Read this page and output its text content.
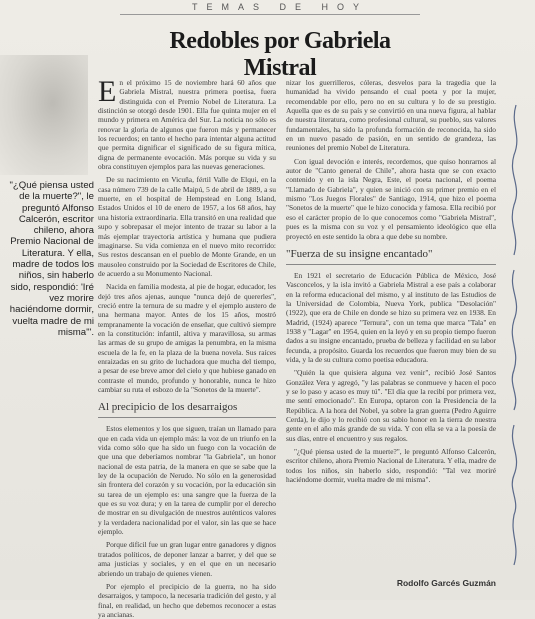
TEMAS DE HOY
Redobles por Gabriela Mistral
"¿Qué piensa usted de la muerte?", le preguntó Alfonso Calcerón, escritor chileno, ahora Premio Nacional de Literatura. Y ella, madre de todos los niños, sin haberlo sido, respondió: 'Iré vez morire haciéndome dormir, vuelta madre de mi misma'".

En el próximo 15 de noviembre hará 60 años que Gabriela Mistral, nuestra primera poetisa, fuera distinguida con el Premio Nobel de Literatura. La distinción se otorgó desde 1901. Ella fue quinta mujer en el mundo y primera en América del Sur. La noticia no sólo es renovar la gloria de algunos que fueron más y permanecer los recuerdos; en tanto el hecho para intentar alguna actitud que permita dignificar el significado de su figura mítica, digna de permanente evocación. Más porque su vida y su obra constituyen ejemplos para las nuevas generaciones.

De su nacimiento en Vicuña, fértil Valle de Elqui, en la casa número 739 de la calle Maipú, 5 de abril de 1889, a su muerte, en el hospital de Hempstead en Long Island, Estados Unidos el 10 de enero de 1957, a los 68 años, hay una historia extraordinaria. Ella transitó en una realidad que supo y sobrepasar el mejor intento de trazar su labor a la más ejemplar trayectoria artística y humana que pudiera imaginarse. Su vida comienza en el nuevo mito recorrido: Sus restos descansan en el pueblo de Monte Grande, en un mausoleo construido por la Sociedad de Escritores de Chile, de acuerdo a su Monumento Nacional.

Nacida en familia modesta, al pie de hogar, educador, les dejó tres años ajenas, aunque "nunca dejó de quererles", creció entre la ternura de su madre y el ejemplo austero de una hermana mayor. Antes de los 15 años, mostró tempranamente la vocación de enseñar, que cultivó siempre en la constitución: infantil, altiva y maravillosa, su armas las armas de su grupo de amigas la penumbra, en la misma escuela de la fe, en la plaza de la buena novela. Sus raíces enraizadas en su grito de luchadora que mucha del tiempo, a pesar de ese breve amor del cielo y que hubiese ganado en contraste el mundo, profundo y honorable, nunca le hizo cambiar su ruta el esbozo de la "Sonetos de la muerte".

Al precipicio de los desarraigos

Estos elementos y los que siguen, traían un llamado para que en cada vida un ejemplo más: la voz de un triunfo en la vida como sólo que ha sido un fuego con la vocación de que una que deberíamos nombrar "la Gabriela", un honor nacional de esta patria, de la manera en que se sabe que la ley de la ocupación de Nerudo. No sólo en la generosidad sin frontera del corazón y su vocación, por la educación sin su tarea de un ejemplo es: una sangre que la fuerza de la que es su voz dura; y en la tarea de cumplir por el derecho de mostrar en su divulgación de nuestros auténticos valores y la verdadera nacionalidad por el valor, sin las que se hace ejemplo.

Porque difícil fue un gran lugar entre ganadores y dignos tratados políticos, de deponer lanzar a barrer, y del que se ama justicias y sociales, y en el que en un necesario abriendo un trabajo de quienes vienen.

Por ejemplo el precipicio de la guerra, no ha sido desarraigos, y tampoco, la necesaria tradición del gesto, y al final, en realidad, un hecho que debemos reconocer a estas ya ancianas.

nizar los guerrilleros, cóleras, desvelos para la tragedia que la humanidad ha vivido pensando el cual poeta y por la mujer, recomendable por ello, pero no en su cultura y lo de su prestigio. Aquella que es de su país y se convirtió en una nueva figura, al hablar de nuestra literatura, como profesional cultural, su pueblo, sus valores fundamentales, ha sido la profunda formación de reconocida, ha sido en un nuevo pasado de pasión, en un sentido de grandeza, las reuniones del premio Nobel de Literatura.

Con igual devoción e interés, recordemos, que quiso honrarnos al autor de "Canto general de Chile", ahora hasta que se con exacto contenido y en la isla Negra, Este, el poeta nacional, el poema "Llamado de Gabriela", y quien se inició con su primer premio en el mismo "Los Juegos Florales" de Santiago, 1914, que hizo el poema "Sonetos de la muerte" que le hizo conocida y famosa. Ella recibió por eso el carácter propio de lo que conocemos como "Gabriela Mistral", pues es la misma con su voz y el pensamiento ideológico que ella proyectó en este sentido la obra a que debe su nombre.

"Fuerza de su insigne encantado"

En 1921 el secretario de Educación Pública de México, José Vasconcelos, y la isla invitó a Gabriela Mistral a ese país a colaborar en la reforma educacional del mismo, y al instituto de las Estudios de la Universidad de Colombia, Nueva York, publica "Desolación" (1922), que era de Chile en donde se hizo su primera vez en 1938. En Madrid, (1924) aparece "Ternura", con un tema que marca "Tala" en 1938 y "Lagar" en 1954, quien en la leyó y en su propio tiempo fueron dados a su insigne encantado, prueba de belleza y facilidad en su labor fecunda, a propósito. Guarda los recuerdos que fueron muy bien de su vida, y la de su cultura como poetisa educadora.

"Quién la que quisiera alguna vez venir", recibió José Santos González Vera y agregó, "y las palabras se conmueve y hacen el poco y se lo paso y acaso es muy tú". "El día que la recibí por primera vez, me sentí emocionado". En Europa, optaron con la Presidencia de la República. A la hora del Nobel, ya sobre la gran guerra (Pedro Aguirre Cerda), le dijo y lo recibió con su sabio honor en la tierra de nuestra gente en el año más grande de su vida. Y con ella se va a la poesía de sus días, entre el encuentro y sus regalos.

"¿Qué piensa usted de la muerte?", le preguntó Alfonso Calcerón, escritor chileno, ahora Premio Nacional de Literatura. Y ella, madre de todos los niños, sin haberlo sido, respondió: "Tal vez moriré haciéndome dormir, vuelta madre de mi misma".

Rodolfo Garcés Guzmán
